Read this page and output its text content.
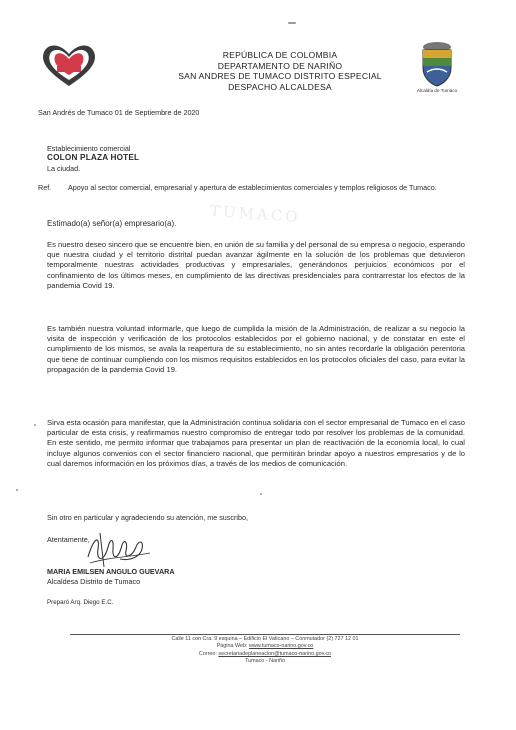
REPÚBLICA DE COLOMBIA
DEPARTAMENTO DE NARIÑO
SAN ANDRES DE TUMACO DISTRITO ESPECIAL
DESPACHO ALCALDESA	Alcaldía de Tumaco
TUMACO
San Andrés de Tumaco 01 de Septiembre de 2020
Establecimiento comercial
COLON PLAZA HOTEL
La ciudad.
Ref. Apoyo al sector comercial, empresarial y apertura de establecimientos comerciales y templos religiosos de Tumaco.
Estimado(a) señor(a) empresario(a).
Es nuestro deseo sincero que se encuentre bien, en unión de su familia y del personal de su empresa o negocio, esperando que nuestra ciudad y el territorio distrital puedan avanzar ágilmente en la solución de los problemas que detuvieron temporalmente nuestras actividades productivas y empresariales, generándonos perjuicios económicos por el confinamiento de los últimos meses, en cumplimiento de las directivas presidenciales para contrarrestar los efectos de la pandemia Covid 19.
Es también nuestra voluntad informarle, que luego de cumplida la misión de la Administración, de realizar a su negocio la visita de inspección y verificación de los protocolos establecidos por el gobierno nacional, y de constatar en este el cumplimiento de los mismos, se avala la reapertura de su establecimiento, no sin antes recordarle la obligación perentoria que tiene de continuar cumpliendo con los mismos requisitos establecidos en los protocolos oficiales del caso, para evitar la propagación de la pandemia Covid 19.
Sirva esta ocasión para manifestar, que la Administración continua solidaria con el sector empresarial de Tumaco en el caso particular de esta crisis, y reafirmamos nuestro compromiso de entregar todo por resolver los problemas de la comunidad. En este sentido, me permito informar que trabajamos para presentar un plan de reactivación de la economía local, lo cual incluye algunos convenios con el sector financiero nacional, que permitirán brindar apoyo a nuestros empresarios y de lo cual daremos información en los próximos días, a través de los medios de comunicación.
Sin otro en particular y agradeciendo su atención, me suscribo,
Atentamente,
MARIA EMILSEN ANGULO GUEVARA
Alcaldesa Distrito de Tumaco
Preparó Arq. Diego E.C.
Calle 11 con Cra. 9 esquina – Edificio El Vaticano – Conmutador (2) 727 12 01
Página Web: www.tumaco-narino.gov.co
Correo: secretariadeplaneacion@tumaco-narino.gov.co
Tumaco - Nariño
